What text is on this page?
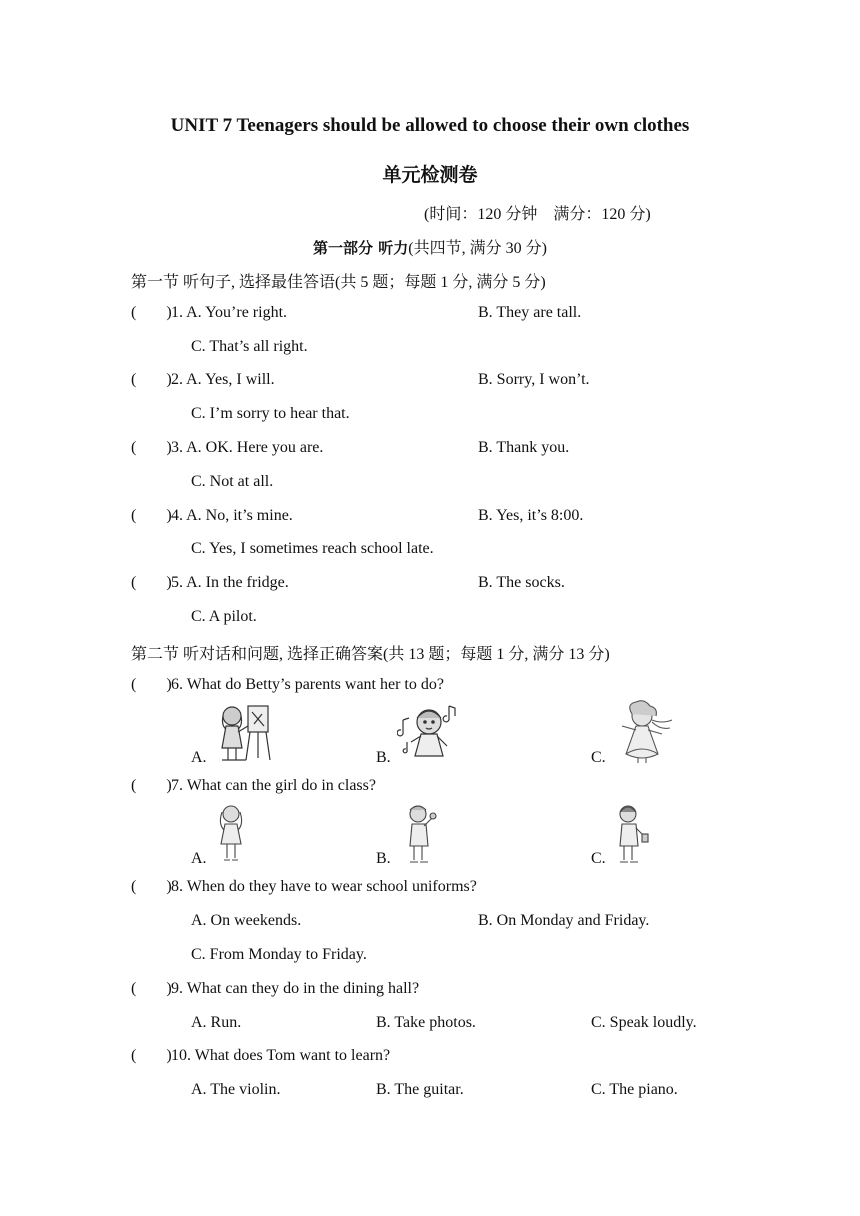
UNIT 7 Teenagers should be allowed to choose their own clothes
单元检测卷
(时间：120 分钟　满分：120 分)
第一部分 听力(共四节, 满分 30 分)
第一节 听句子, 选择最佳答语(共 5 题；每题 1 分, 满分 5 分)
( )1. A. You’re right.	B. They are tall.
C. That’s all right.
( )2. A. Yes, I will.	B. Sorry, I won’t.
C. I’m sorry to hear that.
( )3. A. OK. Here you are.	B. Thank you.
C. Not at all.
( )4. A. No, it’s mine.	B. Yes, it’s 8:00.
C. Yes, I sometimes reach school late.
( )5. A. In the fridge.	B. The socks.
C. A pilot.
第二节 听对话和问题, 选择正确答案(共 13 题；每题 1 分, 满分 13 分)
( )6. What do Betty’s parents want her to do?
A.	B.	C.
( )7. What can the girl do in class?
A.	B.	C.
( )8. When do they have to wear school uniforms?
A. On weekends.	B. On Monday and Friday.
C. From Monday to Friday.
( )9. What can they do in the dining hall?
A. Run.	B. Take photos.	C. Speak loudly.
( )10. What does Tom want to learn?
A. The violin.	B. The guitar.	C. The piano.
